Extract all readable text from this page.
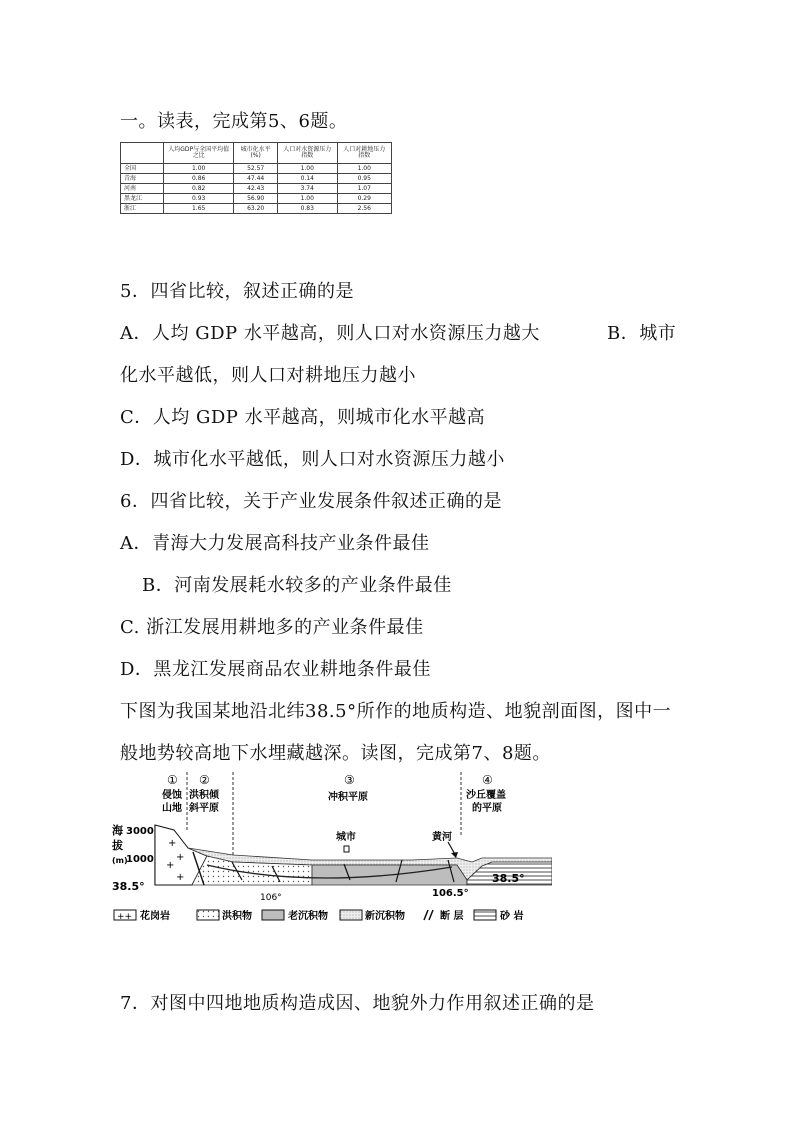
一。读表，完成第5、6题。
	人均GDP与全国平均值之比	城市化水平(%)	人口对水资源压力指数	人口对耕地压力指数
全国	1.00	52.57	1.00	1.00
青海	0.86	47.44	0.14	0.95
河南	0.82	42.43	3.74	1.07
黑龙江	0.93	56.90	1.00	0.29
浙江	1.65	63.20	0.83	2.56
5．四省比较，叙述正确的是
A．人均 GDP 水平越高，则人口对水资源压力越大	B．城市
化水平越低，则人口对耕地压力越小
C．人均 GDP 水平越高，则城市化水平越高
D．城市化水平越低，则人口对水资源压力越小
6．四省比较，关于产业发展条件叙述正确的是
A．青海大力发展高科技产业条件最佳
B．河南发展耗水较多的产业条件最佳
C. 浙江发展用耕地多的产业条件最佳
D．黑龙江发展商品农业耕地条件最佳
下图为我国某地沿北纬38.5°所作的地质构造、地貌剖面图，图中一
般地势较高地下水埋藏越深。读图，完成第7、8题。
①
侵蚀
山地
②
洪积倾
斜平原
③
冲积平原
④
沙丘覆盖
的平原
海 3000
拔
(m)
1000
+
+
+
+
城市	黄河
38.5°
38.5°
106°	106.5°
++ 花岗岩	洪积物	老沉积物	新沉积物	断 层	砂 岩
7．对图中四地地质构造成因、地貌外力作用叙述正确的是
